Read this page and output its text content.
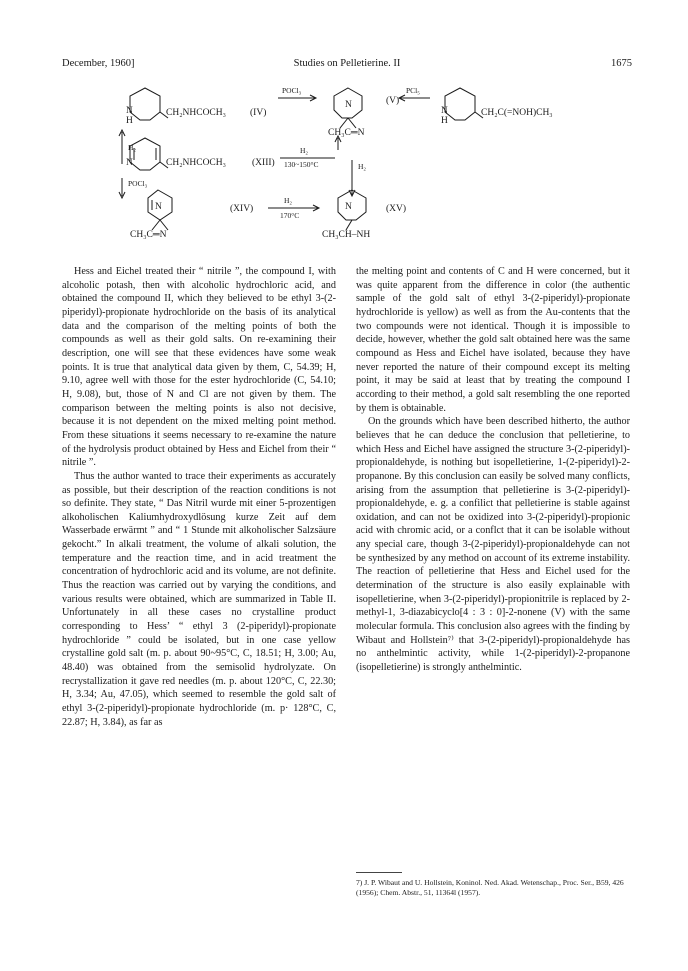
December, 1960]	Studies on Pelletierine. II	1675
N
H
CH₂NHCOCH₃	(IV)
H₂
N	CH₂NHCOCH₃	(XIII)
POCl₃
POCl₃
N
CH₃C═N
(V)
PCl₅
N
H
CH₂C(=NOH)CH₃
H₂
130~150°C	H₂
N
CH₃C═N
(XIV)
H₂
170°C
N
CH₃CH–NH
(XV)

Hess and Eichel treated their “ nitrile ”, the compound I, with alcoholic potash, then with alcoholic hydrochloric acid, and obtained the compound II, which they believed to be ethyl 3-(2-piperidyl)-propionate hydrochloride on the basis of its analytical data and the comparison of the melting points of both the compounds as well as their gold salts. On re-examining their description, one will see that these evidences have some weak points. It is true that analytical data given by them, C, 54.39; H, 9.10, agree well with those for the ester hydrochloride (C, 54.10; H, 9.08), but, those of N and Cl are not given by them. The comparison between the melting points is also not decisive, because it is not dependent on the mixed melting point method. From these situations it seems necessary to re-examine the nature of the hydrolysis product obtained by Hess and Eichel from their “ nitrile ”.

Thus the author wanted to trace their experiments as accurately as possible, but their description of the reaction conditions is not so definite. They state, “ Das Nitril wurde mit einer 5-prozentigen alkoholischen Kaliumhydroxydlösung kurze Zeit auf dem Wasserbade erwärmt ” and “ 1 Stunde mit alkoholischer Salzsäure gekocht.” In alkali treatment, the volume of alkali solution, the temperature and the reaction time, and in acid treatment the concentration of hydrochloric acid and its volume, are not definite. Thus the reaction was carried out by varying the conditions, and various results were obtained, which are summarized in Table II. Unfortunately in all these cases no crystalline product corresponding to Hess’ “ ethyl 3 (2-piperidyl)-propionate hydrochloride ” could be isolated, but in one case yellow crystalline gold salt (m. p. about 90~95°C, C, 18.51; H, 3.00; Au, 48.40) was obtained from the semisolid hydrolyzate. On recrystallization it gave red needles (m. p. about 120°C, C, 22.30; H, 3.34; Au, 47.05), which seemed to resemble the gold salt of ethyl 3-(2-piperidyl)-propionate hydrochloride (m. p· 128°C, C, 22.87; H, 3.84), as far as

the melting point and contents of C and H were concerned, but it was quite apparent from the difference in color (the authentic sample of the gold salt of ethyl 3-(2-piperidyl)-propionate hydrochloride is yellow) as well as from the Au-contents that the two compounds were not identical. Though it is impossible to decide, however, whether the gold salt obtained here was the same compound as Hess and Eichel have isolated, because they have never reported the nature of their compound except its melting point, it may be said at least that by treating the compound I according to their method, a gold salt resembling the one reported by them is obtainable.

On the grounds which have been described hitherto, the author believes that he can deduce the conclusion that pelletierine, to which Hess and Eichel have assigned the structure 3-(2-piperidyl)-propionaldehyde, is nothing but isopelletierine, 1-(2-piperidyl)-2-propanone. By this conclusion can easily be solved many conflicts, arising from the assumption that pelletierine is 3-(2-piperidyl)-propionaldehyde, e. g. a confilict that pelletierine is stable against oxidation, and can not be oxidized into 3-(2-piperidyl)-propionic acid with chromic acid, or a conflct that it can be isolable without any special care, though 3-(2-piperidyl)-propionaldehyde can not be synthesized by any method on account of its extreme instability. The reaction of pelletierine that Hess and Eichel used for the determination of the structure is also easily explainable with isopelletierine, when 3-(2-piperidyl)-propionitrile is replaced by 2-methyl-1, 3-diazabicyclo[4 : 3 : 0]-2-nonene (V) with the same molecular formula. This conclusion also agrees with the finding by Wibaut and Hollstein⁷⁾ that 3-(2-piperidyl)-propionaldehyde has no anthelmintic activity, while 1-(2-piperidyl)-2-propanone (isopelletierine) is strongly anthelmintic.

7) J. P. Wibaut and U. Hollstein, Koninol. Ned. Akad. Wetenschap., Proc. Ser., B59, 426 (1956); Chem. Abstr., 51, 11364l (1957).
